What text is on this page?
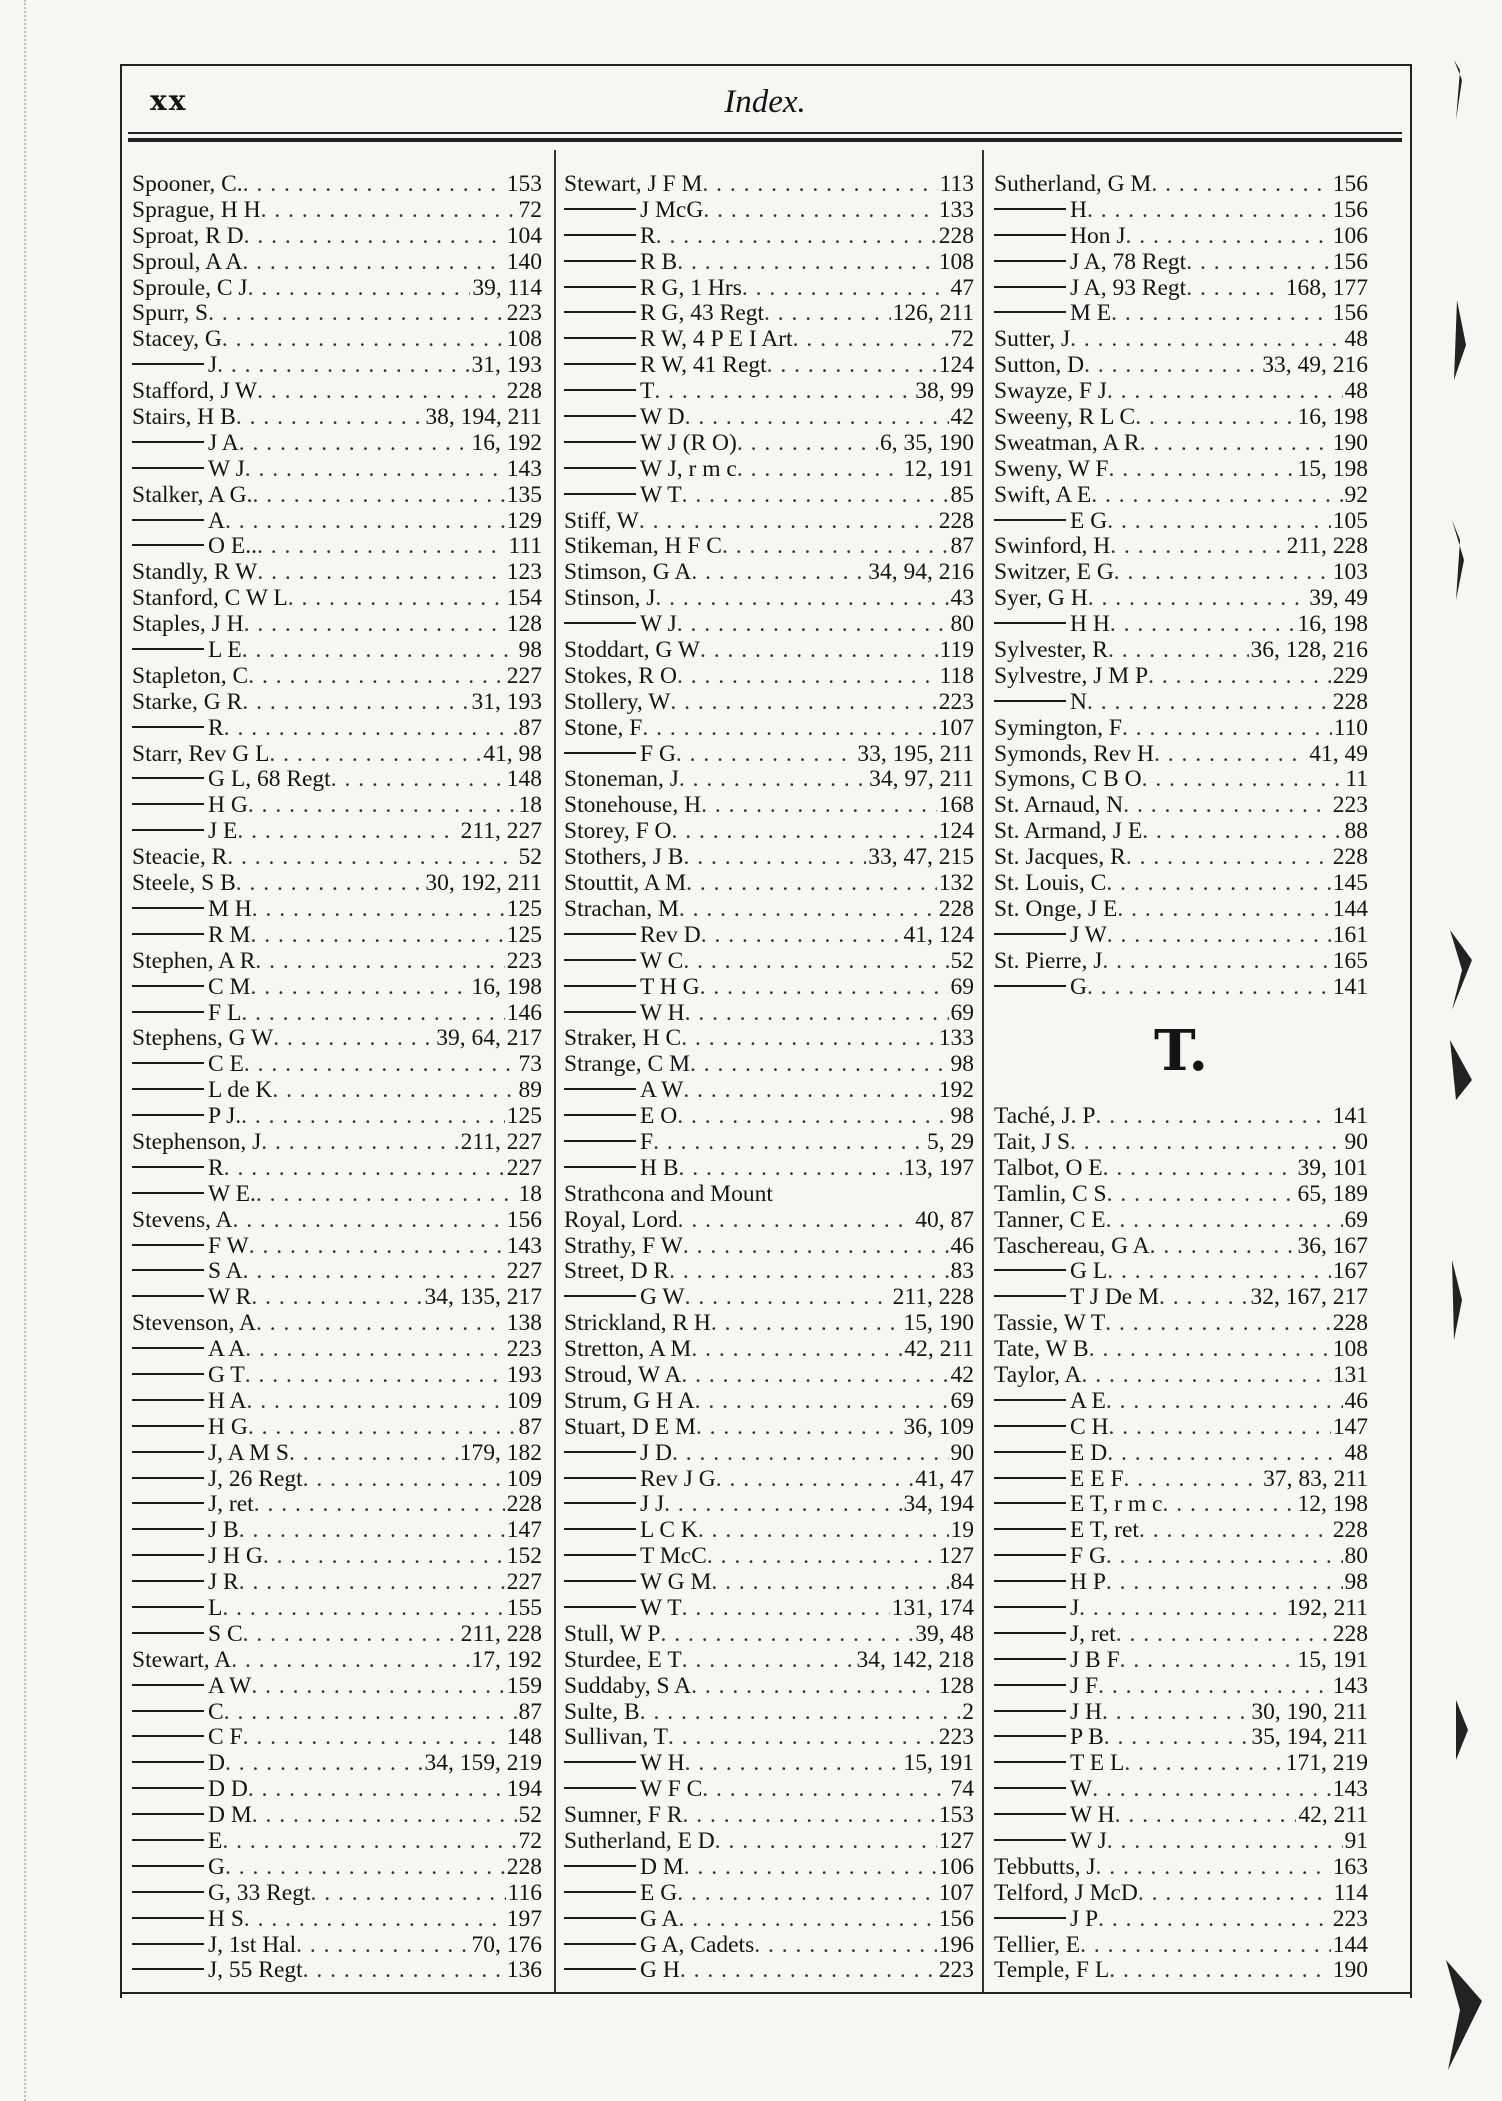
xx	Index.
Spooner, C. . . .	153
Sprague, H H . . .	72
Sproat, R D . . .	104
Sproul, A A . . .	140
Sproule, C J . . .	39, 114
Spurr, S . . .	223
Stacey, G . . .	108
J . . .	31, 193
Stafford, J W . . .	228
Stairs, H B . . .	38, 194, 211
J A . . .	16, 192
W J . . .	143
Stalker, A G. . . .	135
A . . .	129
O E.. . . .	111
Standly, R W . . .	123
Stanford, C W L . . .	154
Staples, J H . . .	128
L E . . .	98
Stapleton, C . . .	227
Starke, G R . . .	31, 193
R . . .	87
Starr, Rev G L . . .	41, 98
G L, 68 Regt . . .	148
H G . . .	18
J E . . .	211, 227
Steacie, R . . .	52
Steele, S B . . .	30, 192, 211
M H . . .	125
R M . . .	125
Stephen, A R . . .	223
C M . . .	16, 198
F L . . .	146
Stephens, G W . . .	39, 64, 217
C E . . .	73
L de K . . .	89
P J. . . .	125
Stephenson, J . . .	211, 227
R . . .	227
W E. . . .	18
Stevens, A . . .	156
F W . . .	143
S A . . .	227
W R . . .	34, 135, 217
Stevenson, A . . .	138
A A . . .	223
G T . . .	193
H A . . .	109
H G . . .	87
J, A M S . . .	179, 182
J, 26 Regt . . .	109
J, ret . . .	228
J B . . .	147
J H G . . .	152
J R . . .	227
L . . .	155
S C . . .	211, 228
Stewart, A . . .	17, 192
A W . . .	159
C . . .	87
C F . . .	148
D . . .	34, 159, 219
D D . . .	194
D M . . .	52
E . . .	72
G . . .	228
G, 33 Regt . . .	116
H S . . .	197
J, 1st Hal . . .	70, 176
J, 55 Regt . . .	136
Stewart, J F M . . .	113
J McG . . .	133
R . . .	228
R B . . .	108
R G, 1 Hrs . . .	47
R G, 43 Regt . . .	126, 211
R W, 4 P E I Art . . .	72
R W, 41 Regt . . .	124
T . . .	38, 99
W D . . .	42
W J (R O) . . .	6, 35, 190
W J, r m c . . .	12, 191
W T . . .	85
Stiff, W . . .	228
Stikeman, H F C . . .	87
Stimson, G A . . .	34, 94, 216
Stinson, J . . .	43
W J . . .	80
Stoddart, G W . . .	119
Stokes, R O . . .	118
Stollery, W . . .	223
Stone, F . . .	107
F G . . .	33, 195, 211
Stoneman, J . . .	34, 97, 211
Stonehouse, H . . .	168
Storey, F O . . .	124
Stothers, J B . . .	33, 47, 215
Stouttit, A M . . .	132
Strachan, M . . .	228
Rev D . . .	41, 124
W C . . .	52
T H G . . .	69
W H . . .	69
Straker, H C . . .	133
Strange, C M . . .	98
A W . . .	192
E O . . .	98
F . . .	5, 29
H B . . .	13, 197
Strathcona and Mount
Royal, Lord . . .	40, 87
Strathy, F W . . .	46
Street, D R . . .	83
G W . . .	211, 228
Strickland, R H . . .	15, 190
Stretton, A M . . .	42, 211
Stroud, W A . . .	42
Strum, G H A . . .	69
Stuart, D E M . . .	36, 109
J D . . .	90
Rev J G . . .	41, 47
J J . . .	34, 194
L C K . . .	19
T McC . . .	127
W G M . . .	84
W T . . .	131, 174
Stull, W P . . .	39, 48
Sturdee, E T . . .	34, 142, 218
Suddaby, S A . . .	128
Sulte, B . . .	2
Sullivan, T . . .	223
W H . . .	15, 191
W F C . . .	74
Sumner, F R . . .	153
Sutherland, E D . . .	127
D M . . .	106
E G . . .	107
G A . . .	156
G A, Cadets . . .	196
G H . . .	223
Sutherland, G M . . .	156
H . . .	156
Hon J . . .	106
J A, 78 Regt . . .	156
J A, 93 Regt . . .	168, 177
M E . . .	156
Sutter, J . . .	48
Sutton, D . . .	33, 49, 216
Swayze, F J . . .	48
Sweeny, R L C . . .	16, 198
Sweatman, A R . . .	190
Sweny, W F . . .	15, 198
Swift, A E . . .	92
E G . . .	105
Swinford, H . . .	211, 228
Switzer, E G . . .	103
Syer, G H . . .	39, 49
H H . . .	16, 198
Sylvester, R . . .	36, 128, 216
Sylvestre, J M P . . .	229
N . . .	228
Symington, F . . .	110
Symonds, Rev H . . .	41, 49
Symons, C B O . . .	11
St. Arnaud, N . . .	223
St. Armand, J E . . .	88
St. Jacques, R . . .	228
St. Louis, C . . .	145
St. Onge, J E . . .	144
J W . . .	161
St. Pierre, J . . .	165
G . . .	141
T.
Taché, J. P . . .	141
Tait, J S . . .	90
Talbot, O E . . .	39, 101
Tamlin, C S . . .	65, 189
Tanner, C E . . .	69
Taschereau, G A . . .	36, 167
G L . . .	167
T J De M . . .	32, 167, 217
Tassie, W T . . .	228
Tate, W B . . .	108
Taylor, A . . .	131
A E . . .	46
C H . . .	147
E D . . .	48
E E F . . .	37, 83, 211
E T, r m c . . .	12, 198
E T, ret . . .	228
F G . . .	80
H P . . .	98
J . . .	192, 211
J, ret . . .	228
J B F . . .	15, 191
J F . . .	143
J H . . .	30, 190, 211
P B . . .	35, 194, 211
T E L . . .	171, 219
W . . .	143
W H . . .	42, 211
W J . . .	91
Tebbutts, J . . .	163
Telford, J McD . . .	114
J P . . .	223
Tellier, E . . .	144
Temple, F L . . .	190
